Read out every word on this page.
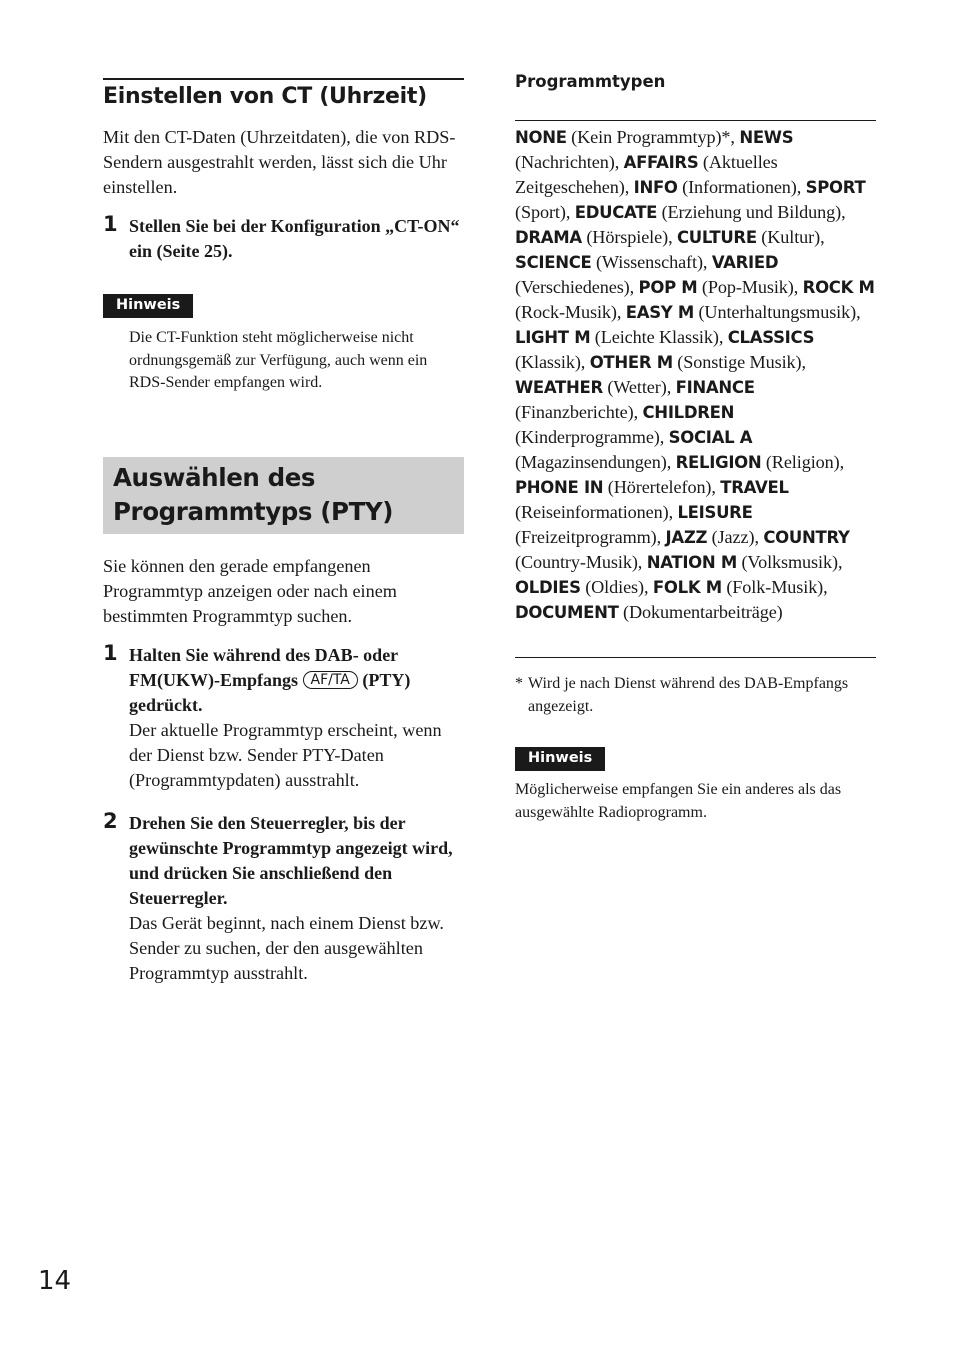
Einstellen von CT (Uhrzeit)

Mit den CT-Daten (Uhrzeitdaten), die von RDS-Sendern ausgestrahlt werden, lässt sich die Uhr einstellen.

1 Stellen Sie bei der Konfiguration „CT-ON“ ein (Seite 25).

Hinweis

Die CT-Funktion steht möglicherweise nicht ordnungsgemäß zur Verfügung, auch wenn ein RDS-Sender empfangen wird.

Auswählen des Programmtyps (PTY)

Sie können den gerade empfangenen Programmtyp anzeigen oder nach einem bestimmten Programmtyp suchen.

1 Halten Sie während des DAB- oder FM(UKW)-Empfangs AF/TA (PTY) gedrückt.

Der aktuelle Programmtyp erscheint, wenn der Dienst bzw. Sender PTY-Daten (Programmtypdaten) ausstrahlt.

2 Drehen Sie den Steuerregler, bis der gewünschte Programmtyp angezeigt wird, und drücken Sie anschließend den Steuerregler.

Das Gerät beginnt, nach einem Dienst bzw. Sender zu suchen, der den ausgewählten Programmtyp ausstrahlt.

Programmtypen

NONE (Kein Programmtyp)*, NEWS (Nachrichten), AFFAIRS (Aktuelles Zeitgeschehen), INFO (Informationen), SPORT (Sport), EDUCATE (Erziehung und Bildung), DRAMA (Hörspiele), CULTURE (Kultur), SCIENCE (Wissenschaft), VARIED (Verschiedenes), POP M (Pop-Musik), ROCK M (Rock-Musik), EASY M (Unterhaltungsmusik), LIGHT M (Leichte Klassik), CLASSICS (Klassik), OTHER M (Sonstige Musik), WEATHER (Wetter), FINANCE (Finanzberichte), CHILDREN (Kinderprogramme), SOCIAL A (Magazinsendungen), RELIGION (Religion), PHONE IN (Hörertelefon), TRAVEL (Reiseinformationen), LEISURE (Freizeitprogramm), JAZZ (Jazz), COUNTRY (Country-Musik), NATION M (Volksmusik), OLDIES (Oldies), FOLK M (Folk-Musik), DOCUMENT (Dokumentarbeiträge)

* Wird je nach Dienst während des DAB-Empfangs angezeigt.
Hinweis

Möglicherweise empfangen Sie ein anderes als das ausgewählte Radioprogramm.

14
